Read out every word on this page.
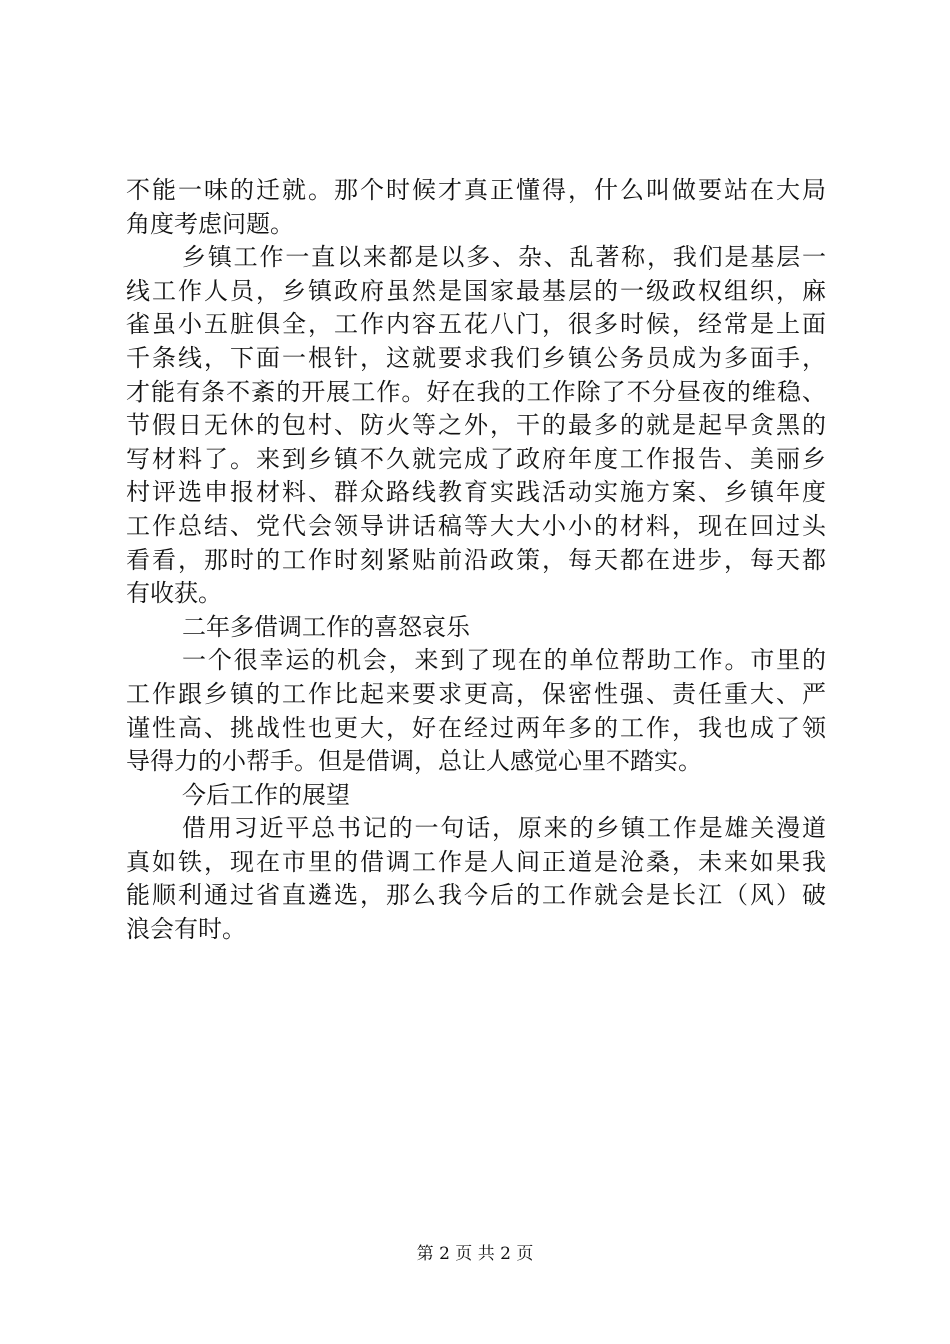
不能一味的迁就。那个时候才真正懂得，什么叫做要站在大局
角度考虑问题。
乡镇工作一直以来都是以多、杂、乱著称，我们是基层一
线工作人员，乡镇政府虽然是国家最基层的一级政权组织，麻
雀虽小五脏俱全，工作内容五花八门，很多时候，经常是上面
千条线，下面一根针，这就要求我们乡镇公务员成为多面手，
才能有条不紊的开展工作。好在我的工作除了不分昼夜的维稳、
节假日无休的包村、防火等之外，干的最多的就是起早贪黑的
写材料了。来到乡镇不久就完成了政府年度工作报告、美丽乡
村评选申报材料、群众路线教育实践活动实施方案、乡镇年度
工作总结、党代会领导讲话稿等大大小小的材料，现在回过头
看看，那时的工作时刻紧贴前沿政策，每天都在进步，每天都
有收获。
二年多借调工作的喜怒哀乐
一个很幸运的机会，来到了现在的单位帮助工作。市里的
工作跟乡镇的工作比起来要求更高，保密性强、责任重大、严
谨性高、挑战性也更大，好在经过两年多的工作，我也成了领
导得力的小帮手。但是借调，总让人感觉心里不踏实。
今后工作的展望
借用习近平总书记的一句话，原来的乡镇工作是雄关漫道
真如铁，现在市里的借调工作是人间正道是沧桑，未来如果我
能顺利通过省直遴选，那么我今后的工作就会是长江（风）破
浪会有时。
第 2 页 共 2 页
